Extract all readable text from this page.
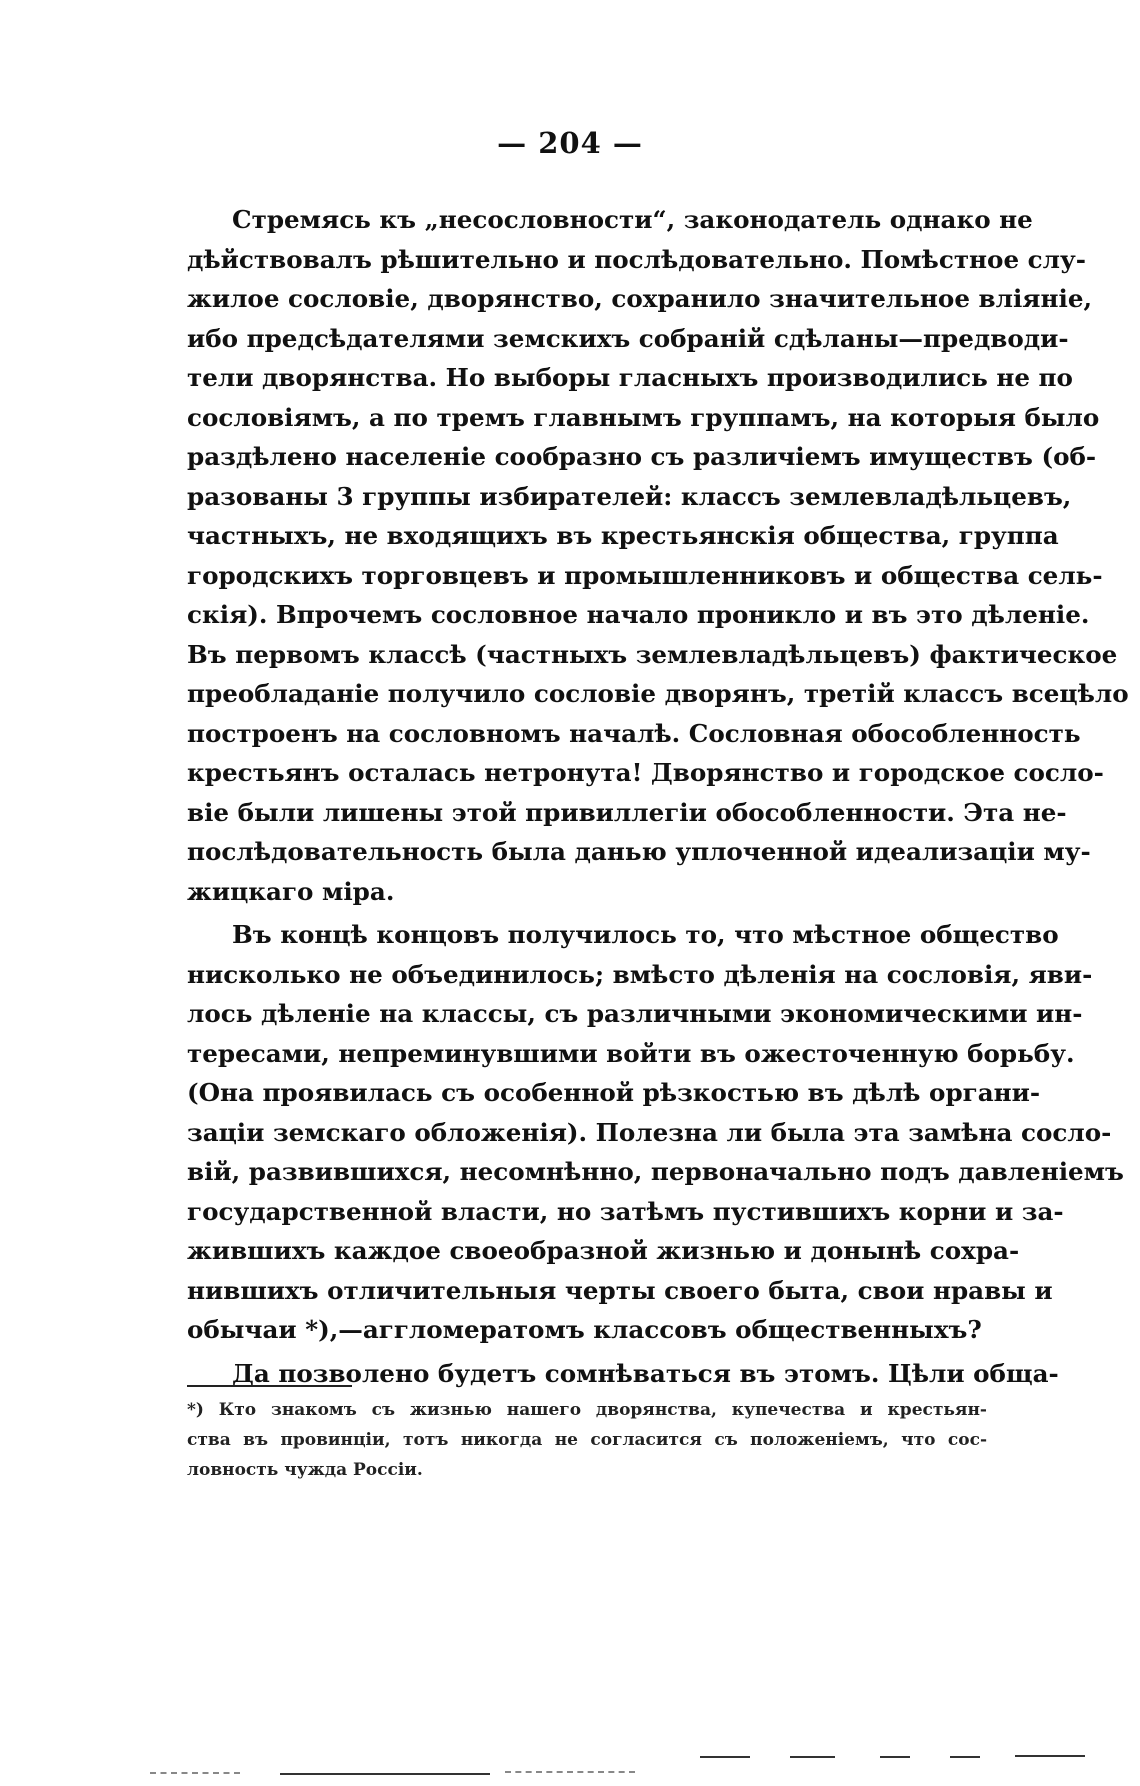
— 204 —
Стремясь къ „несословности“, законодатель однако не
дѣйствовалъ рѣшительно и послѣдовательно. Помѣстное слу-
жилое сословіе, дворянство, сохранило значительное вліяніе,
ибо предсѣдателями земскихъ собраній сдѣланы—предводи-
тели дворянства. Но выборы гласныхъ производились не по
сословіямъ, а по тремъ главнымъ группамъ, на которыя было
раздѣлено населеніе сообразно съ различіемъ имуществъ (об-
разованы 3 группы избирателей: классъ землевладѣльцевъ,
частныхъ, не входящихъ въ крестьянскія общества, группа
городскихъ торговцевъ и промышленниковъ и общества сель-
скія). Впрочемъ сословное начало проникло и въ это дѣленіе.
Въ первомъ классѣ (частныхъ землевладѣльцевъ) фактическое
преобладаніе получило сословіе дворянъ, третій классъ всецѣло
построенъ на сословномъ началѣ. Сословная обособленность
крестьянъ осталась нетронута! Дворянство и городское сосло-
віе были лишены этой привиллегіи обособленности. Эта не-
послѣдовательность была данью уплоченной идеализаціи му-
жицкаго міра.
Въ концѣ концовъ получилось то, что мѣстное общество
нисколько не объединилось; вмѣсто дѣленія на сословія, яви-
лось дѣленіе на классы, съ различными экономическими ин-
тересами, непреминувшими войти въ ожесточенную борьбу.
(Она проявилась съ особенной рѣзкостью въ дѣлѣ органи-
заціи земскаго обложенія). Полезна ли была эта замѣна сосло-
вій, развившихся, несомнѣнно, первоначально подъ давленіемъ
государственной власти, но затѣмъ пустившихъ корни и за-
жившихъ каждое своеобразной жизнью и донынѣ сохра-
нившихъ отличительныя черты своего быта, свои нравы и
обычаи *),—аггломератомъ классовъ общественныхъ?
Да позволено будетъ сомнѣваться въ этомъ. Цѣли обща-
*) Кто знакомъ съ жизнью нашего дворянства, купечества и крестьян-
ства въ провинціи, тотъ никогда не согласится съ положеніемъ, что сос-
ловность чужда Россіи.
